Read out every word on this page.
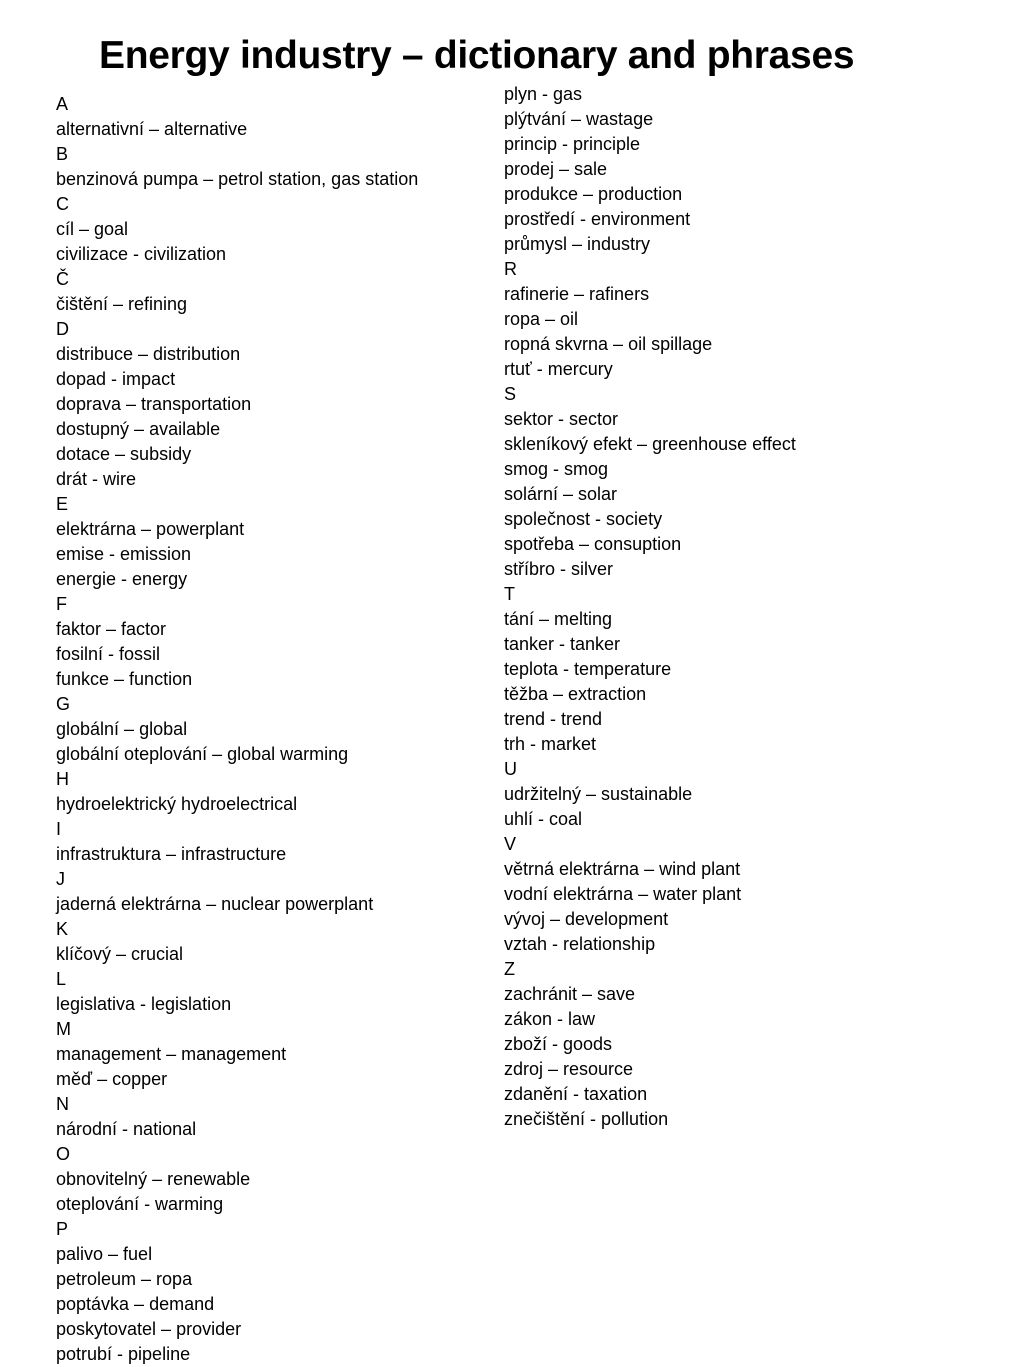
Energy industry – dictionary and phrases
A
alternativní – alternative
B
benzinová pumpa – petrol station, gas station
C
cíl – goal
civilizace - civilization
Č
čištění – refining
D
distribuce – distribution
dopad - impact
doprava – transportation
dostupný – available
dotace – subsidy
drát - wire
E
elektrárna – powerplant
emise - emission
energie - energy
F
faktor – factor
fosilní - fossil
funkce – function
G
globální – global
globální oteplování – global warming
H
hydroelektrický hydroelectrical
I
infrastruktura – infrastructure
J
jaderná elektrárna – nuclear powerplant
K
klíčový – crucial
L
legislativa - legislation
M
management – management
měď – copper
N
národní - national
O
obnovitelný – renewable
oteplování - warming
P
palivo – fuel
petroleum – ropa
poptávka – demand
poskytovatel – provider
potrubí - pipeline
plyn - gas
plýtvání – wastage
princip - principle
prodej – sale
produkce – production
prostředí - environment
průmysl – industry
R
rafinerie – rafiners
ropa – oil
ropná skvrna – oil spillage
rtuť - mercury
S
sektor - sector
skleníkový efekt – greenhouse effect
smog - smog
solární – solar
společnost - society
spotřeba – consuption
stříbro - silver
T
tání – melting
tanker - tanker
teplota - temperature
těžba – extraction
trend - trend
trh - market
U
udržitelný – sustainable
uhlí - coal
V
větrná elektrárna – wind plant
vodní elektrárna – water plant
vývoj – development
vztah - relationship
Z
zachránit – save
zákon - law
zboží - goods
zdroj – resource
zdanění - taxation
znečištění - pollution
